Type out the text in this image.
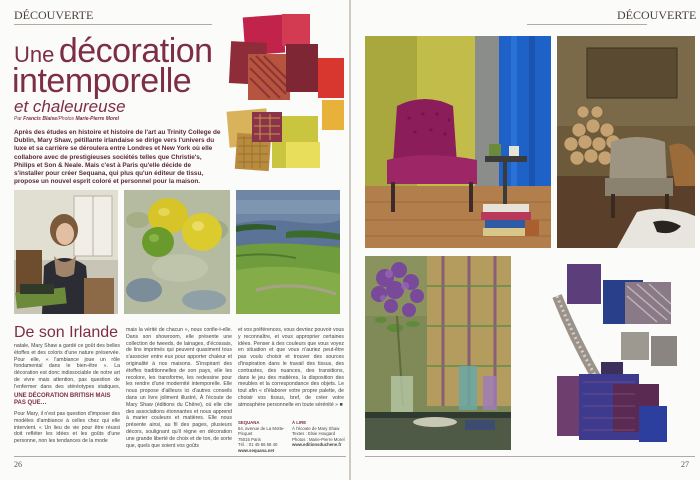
DÉCOUVERTE
Une décoration
intemporelle
et chaleureuse
Par Francis Blaise/Photos Marie-Pierre Morel
Après des études en histoire et histoire de l'art au Trinity College de Dublin, Mary Shaw, pétillante irlandaise se dirige vers l'univers du luxe et sa carrière se déroulera entre Londres et New York où elle collabore avec de prestigieuses sociétés telles que Christie's, Philips et Son & Neale. Mais c'est à Paris qu'elle décide de s'installer pour créer Sequana, qui plus qu'un éditeur de tissu, propose un nouvel esprit coloré et personnel pour la maison.
De son Irlande
natale, Mary Shaw a gardé ce goût des belles étoffes et des coloris d'une nature préservée. Pour elle, « l'ambiance joue un rôle fondamental dans le bien-être ». La décoration est donc indissociable de notre art de vivre mais attention, pas question de l'enfermer dans des stéréotypes statiques,
UNE DÉCORATION BRITISH MAIS PAS QUE…
Pour Mary, il n'est pas question d'imposer des modèles d'ambiance à celles chez qui elle intervient. « Un lieu de vie pour être réussi doit refléter les idées et les goûts d'une personne, non les tendances de la mode
mais la vérité de chacun », nous confie-t-elle. Dans son showroom, elle présente une collection de tweeds, de lainages, d'écossais, de lins imprimés qui peuvent quasiment tous s'associer entre eux pour apporter chaleur et originalité à nos maisons. S'inspirant des étoffes traditionnelles de son pays, elle les recolore, les transforme, les redessine pour les rendre d'une modernité intemporelle. Elle nous propose d'ailleurs ici d'autres conseils dans un livre joliment illustré, À l'écoute de Mary Shaw (éditions du Chêne), où elle cite des associations étonnantes et nous apprend à marier couleurs et matières. Elle nous présente ainsi, au fil des pages, plusieurs décors, soulignant qu'il règne en décoration une grande liberté de choix et de ton, de sorte que, quels que soient vos goûts
et vos préférences, vous devriez pouvoir vous y reconnaître, et vous approprier certaines idées. Penser à des couleurs que vous voyez en situation et que vous n'auriez peut-être pas voulu choisir et trouver des sources d'inspiration dans le travail des tissus, des contrastes, des nuances, des transitions, dans le jeu des matières, la disposition des meubles et la correspondance des objets. Le tout afin « d'élaborer votre propre palette, de choisir vos tissus, bref, de créer votre atmosphère personnelle en toute sérénité » ■
SEQUANA
64, avenue de La Motte-Picquet
75015 Paris
Tél. : 01 45 66 58 40
www.sequana.net
À LIRE
À l'écoute de Mary Shaw
Textes : Elsie Hougard
Photos : Marie-Pierre Morel
www.editionsduchene.fr
26
DÉCOUVERTE
27
